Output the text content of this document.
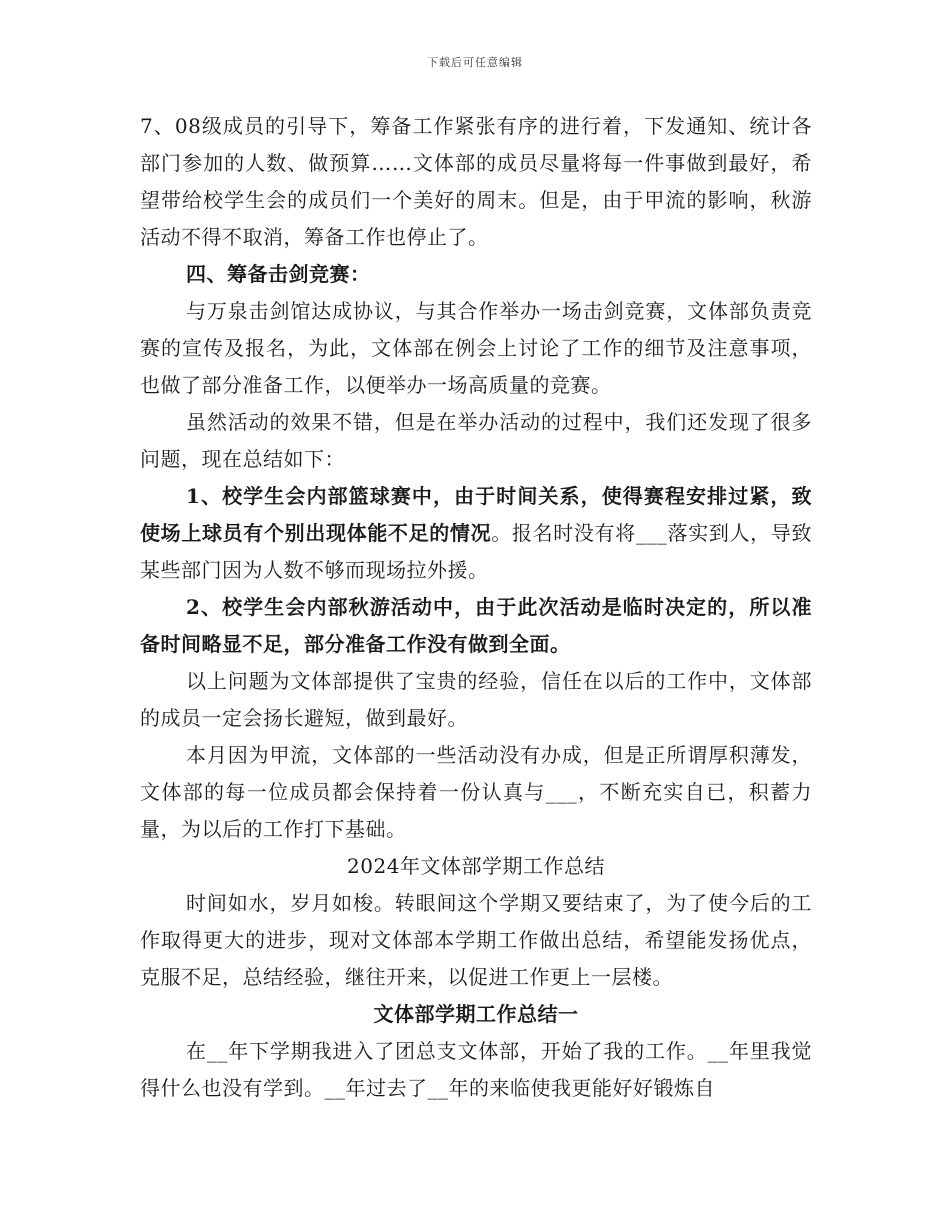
下载后可任意编辑

7、08级成员的引导下，筹备工作紧张有序的进行着，下发通知、统计各部门参加的人数、做预算……文体部的成员尽量将每一件事做到最好，希望带给校学生会的成员们一个美好的周末。但是，由于甲流的影响，秋游活动不得不取消，筹备工作也停止了。

四、筹备击剑竞赛：

与万泉击剑馆达成协议，与其合作举办一场击剑竞赛，文体部负责竞赛的宣传及报名，为此，文体部在例会上讨论了工作的细节及注意事项，也做了部分准备工作，以便举办一场高质量的竞赛。

虽然活动的效果不错，但是在举办活动的过程中，我们还发现了很多问题，现在总结如下：

1、校学生会内部篮球赛中，由于时间关系，使得赛程安排过紧，致使场上球员有个别出现体能不足的情况。报名时没有将___落实到人，导致某些部门因为人数不够而现场拉外援。

2、校学生会内部秋游活动中，由于此次活动是临时决定的，所以准备时间略显不足，部分准备工作没有做到全面。

以上问题为文体部提供了宝贵的经验，信任在以后的工作中，文体部的成员一定会扬长避短，做到最好。

本月因为甲流，文体部的一些活动没有办成，但是正所谓厚积薄发，文体部的每一位成员都会保持着一份认真与___，不断充实自已，积蓄力量，为以后的工作打下基础。

2024年文体部学期工作总结

时间如水，岁月如梭。转眼间这个学期又要结束了，为了使今后的工作取得更大的进步，现对文体部本学期工作做出总结，希望能发扬优点，克服不足，总结经验，继往开来，以促进工作更上一层楼。

文体部学期工作总结一

在__年下学期我进入了团总支文体部，开始了我的工作。__年里我觉得什么也没有学到。__年过去了__年的来临使我更能好好锻炼自
